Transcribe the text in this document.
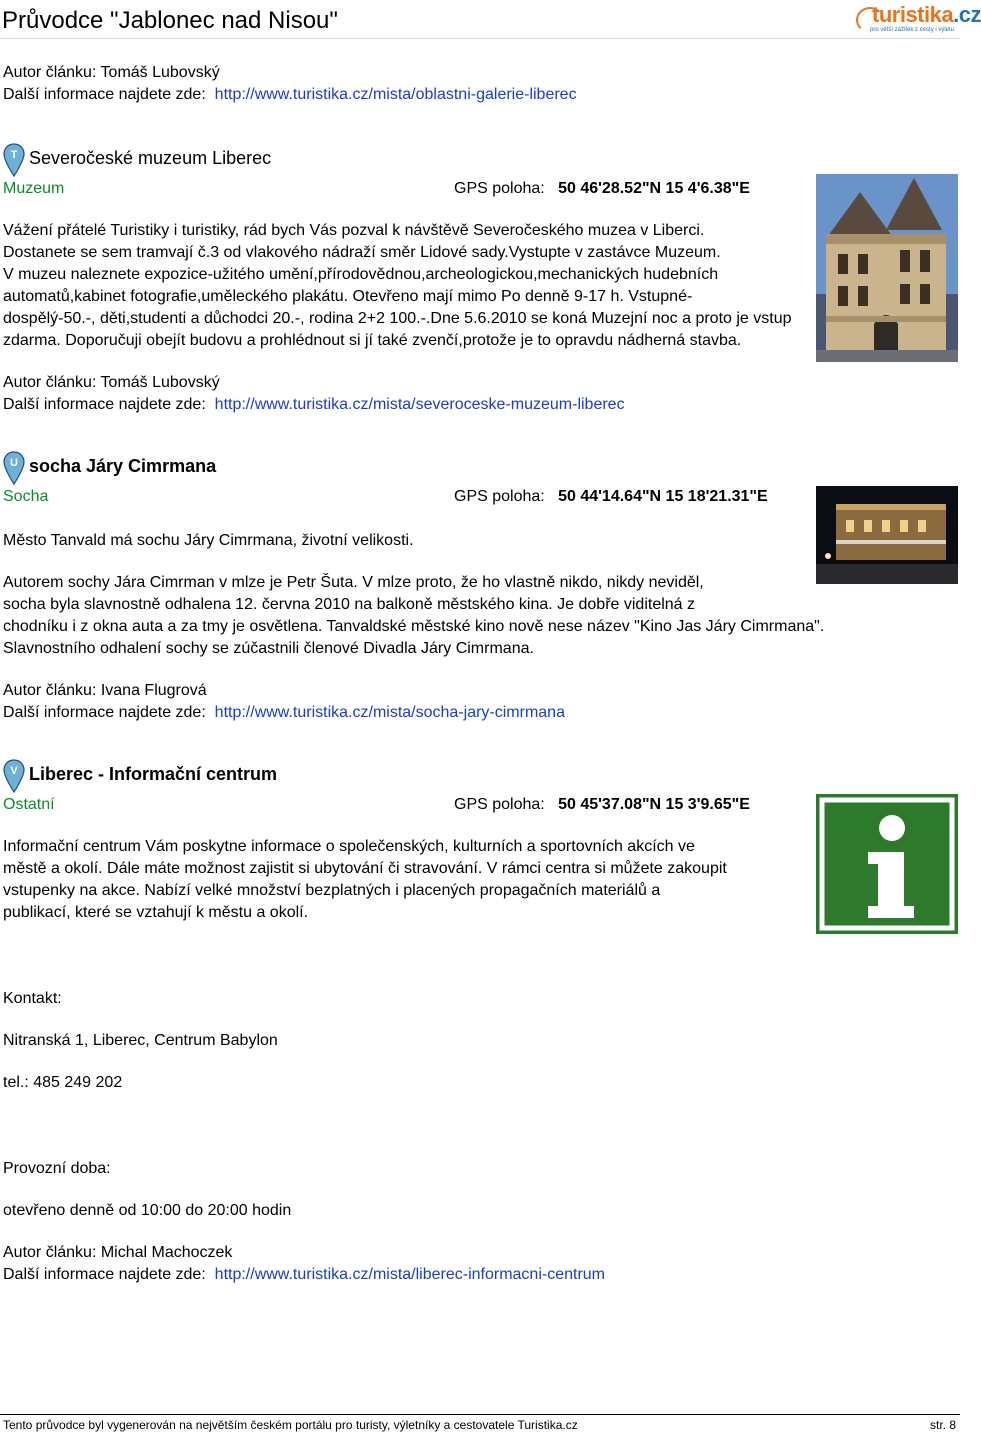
Průvodce "Jablonec nad Nisou"	turistika.cz
pro větší zážitek z cesty i výletu
Autor článku: Tomáš Lubovský
Další informace najdete zde: http://www.turistika.cz/mista/oblastni-galerie-liberec
T Severočeské muzeum Liberec
Muzeum	GPS poloha: 50 46'28.52"N 15 4'6.38"E
Vážení přátelé Turistiky i turistiky, rád bych Vás pozval k návštěvě Severočeského muzea v Liberci.
Dostanete se sem tramvají č.3 od vlakového nádraží směr Lidové sady.Vystupte v zastávce Muzeum.
V muzeu naleznete expozice-užitého umění,přírodovědnou,archeologickou,mechanických hudebních
automatů,kabinet fotografie,uměleckého plakátu. Otevřeno mají mimo Po denně 9-17 h. Vstupné-
dospělý-50.-, děti,studenti a důchodci 20.-, rodina 2+2 100.-.Dne 5.6.2010 se koná Muzejní noc a proto je vstup
zdarma. Doporučuji obejít budovu a prohlédnout si jí také zvenčí,protože je to opravdu nádherná stavba.
Autor článku: Tomáš Lubovský
Další informace najdete zde: http://www.turistika.cz/mista/severoceske-muzeum-liberec
U socha Járy Cimrmana
Socha	GPS poloha: 50 44'14.64"N 15 18'21.31"E
Město Tanvald má sochu Járy Cimrmana, životní velikosti.
Autorem sochy Jára Cimrman v mlze je Petr Šuta. V mlze proto, že ho vlastně nikdo, nikdy neviděl,
socha byla slavnostně odhalena 12. června 2010 na balkoně městského kina. Je dobře viditelná z
chodníku i z okna auta a za tmy je osvětlena. Tanvaldské městské kino nově nese název "Kino Jas Járy Cimrmana".
Slavnostního odhalení sochy se zúčastnili členové Divadla Járy Cimrmana.
Autor článku: Ivana Flugrová
Další informace najdete zde: http://www.turistika.cz/mista/socha-jary-cimrmana
V Liberec - Informační centrum
Ostatní	GPS poloha: 50 45'37.08"N 15 3'9.65"E
Informační centrum Vám poskytne informace o společenských, kulturních a sportovních akcích ve
městě a okolí. Dále máte možnost zajistit si ubytování či stravování. V rámci centra si můžete zakoupit
vstupenky na akce. Nabízí velké množství bezplatných i placených propagačních materiálů a
publikací, které se vztahují k městu a okolí.
Kontakt:
Nitranská 1, Liberec, Centrum Babylon
tel.: 485 249 202
Provozní doba:
otevřeno denně od 10:00 do 20:00 hodin
Autor článku: Michal Machoczek
Další informace najdete zde: http://www.turistika.cz/mista/liberec-informacni-centrum
Tento průvodce byl vygenerován na největším českém portálu pro turisty, výletníky a cestovatele Turistika.cz	str. 8
